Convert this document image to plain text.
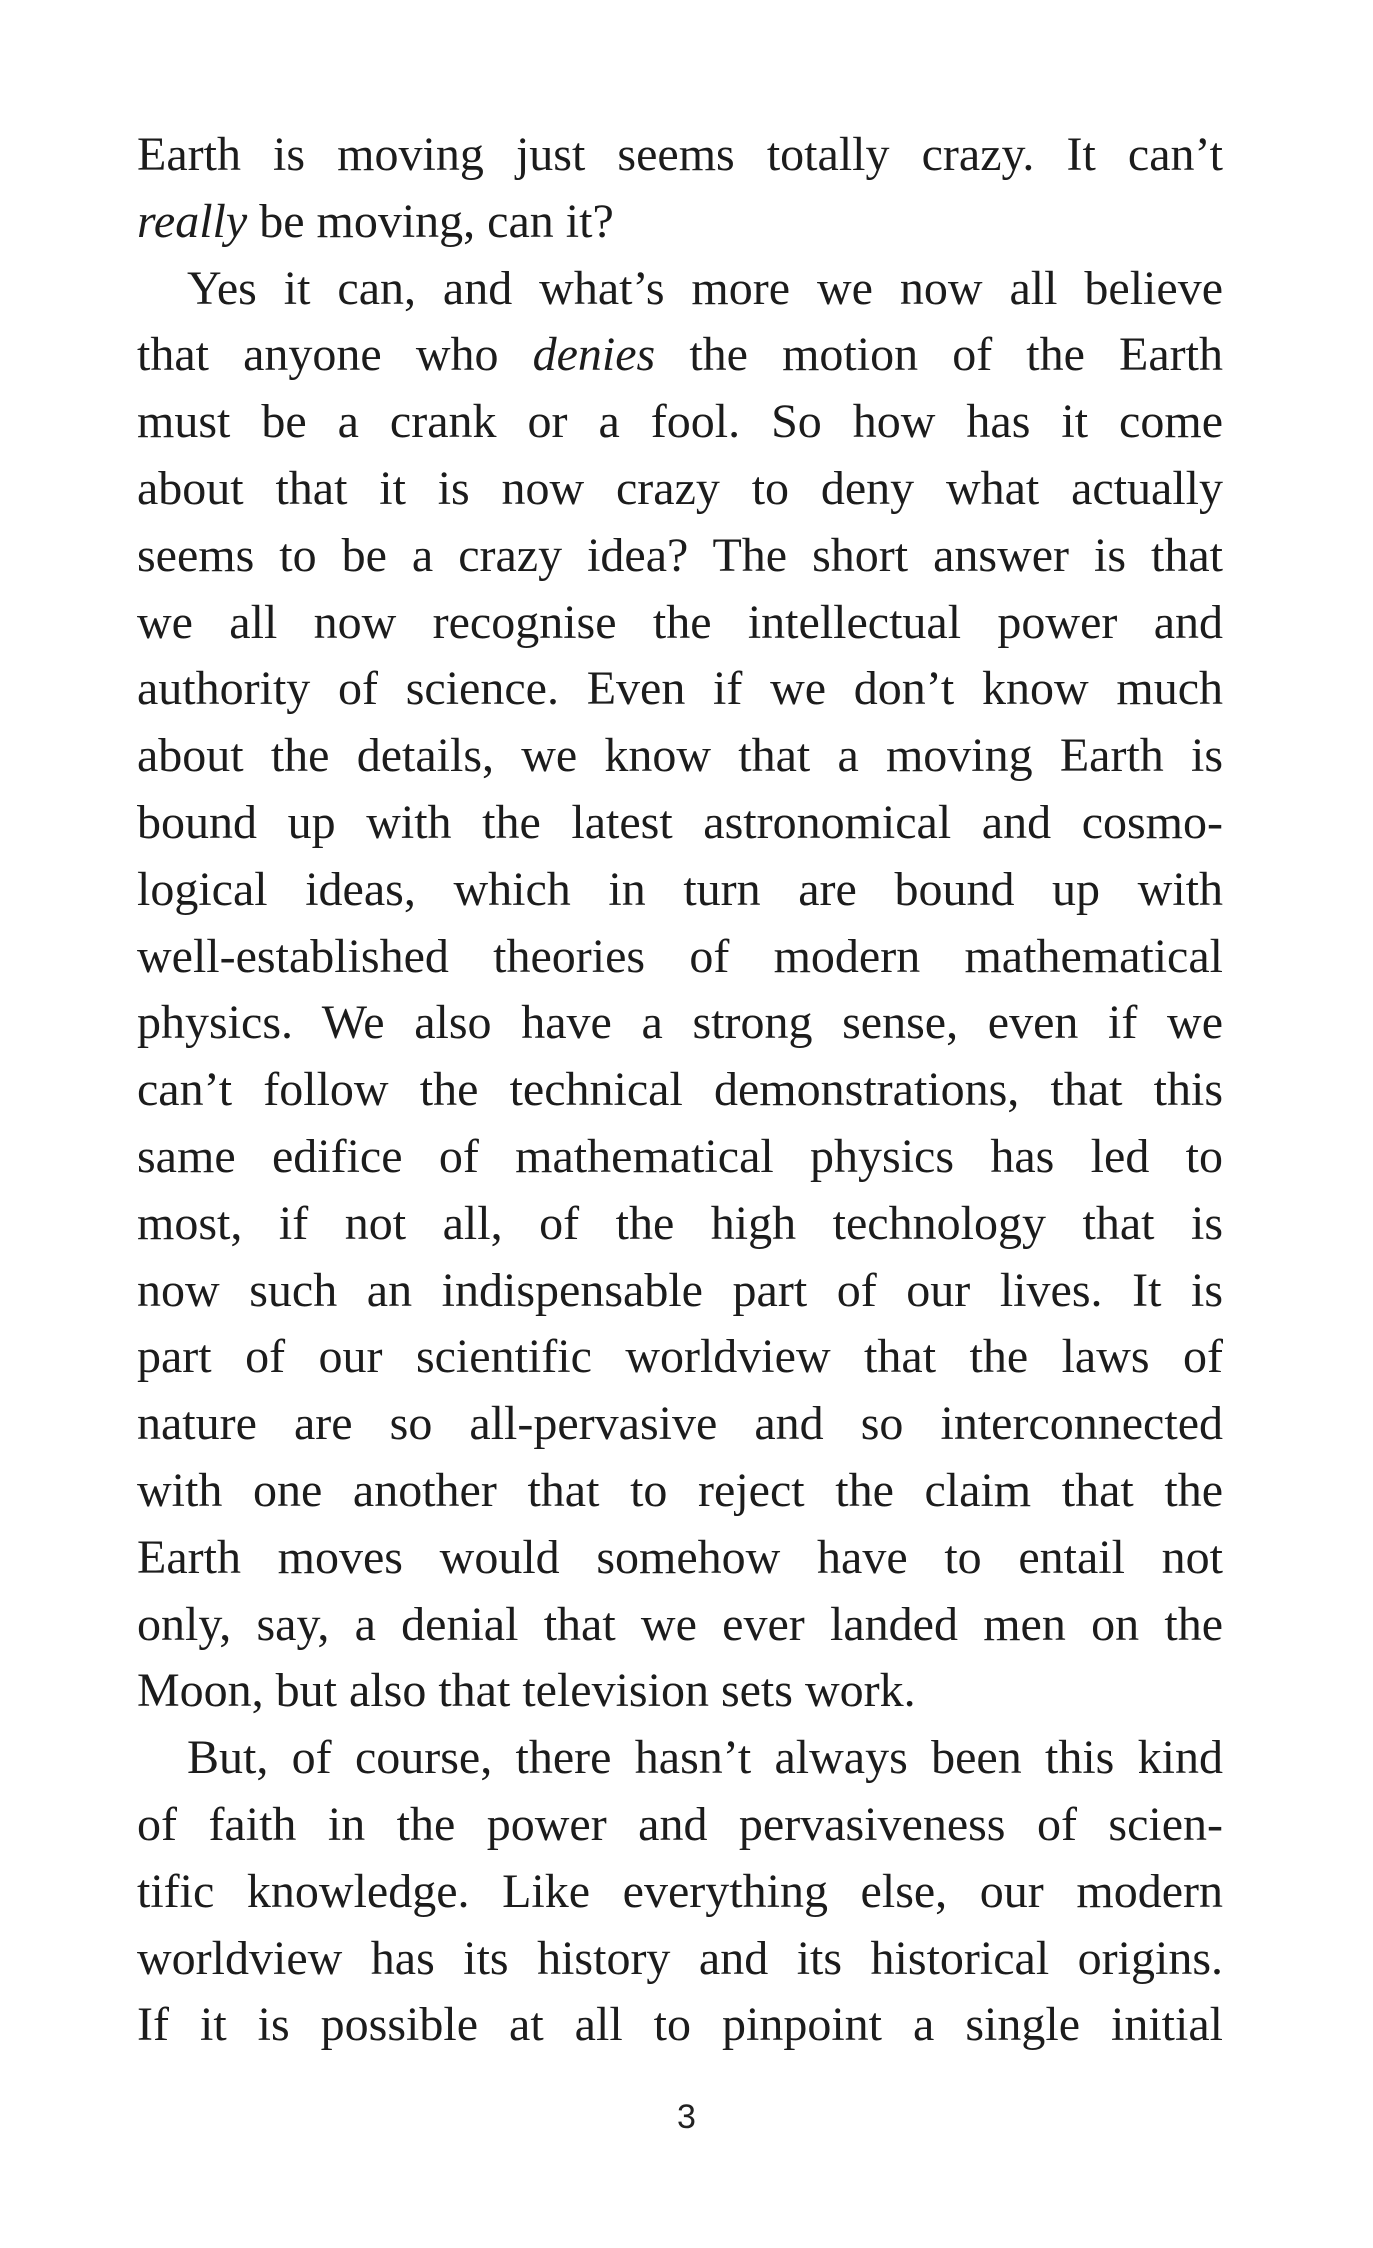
Earth is moving just seems totally crazy. It can’t
really be moving, can it?
Yes it can, and what’s more we now all believe
that anyone who denies the motion of the Earth
must be a crank or a fool. So how has it come
about that it is now crazy to deny what actually
seems to be a crazy idea? The short answer is that
we all now recognise the intellectual power and
authority of science. Even if we don’t know much
about the details, we know that a moving Earth is
bound up with the latest astronomical and cosmo-
logical ideas, which in turn are bound up with
well-established theories of modern mathematical
physics. We also have a strong sense, even if we
can’t follow the technical demonstrations, that this
same edifice of mathematical physics has led to
most, if not all, of the high technology that is
now such an indispensable part of our lives. It is
part of our scientific worldview that the laws of
nature are so all-pervasive and so interconnected
with one another that to reject the claim that the
Earth moves would somehow have to entail not
only, say, a denial that we ever landed men on the
Moon, but also that television sets work.
But, of course, there hasn’t always been this kind
of faith in the power and pervasiveness of scien-
tific knowledge. Like everything else, our modern
worldview has its history and its historical origins.
If it is possible at all to pinpoint a single initial
3
